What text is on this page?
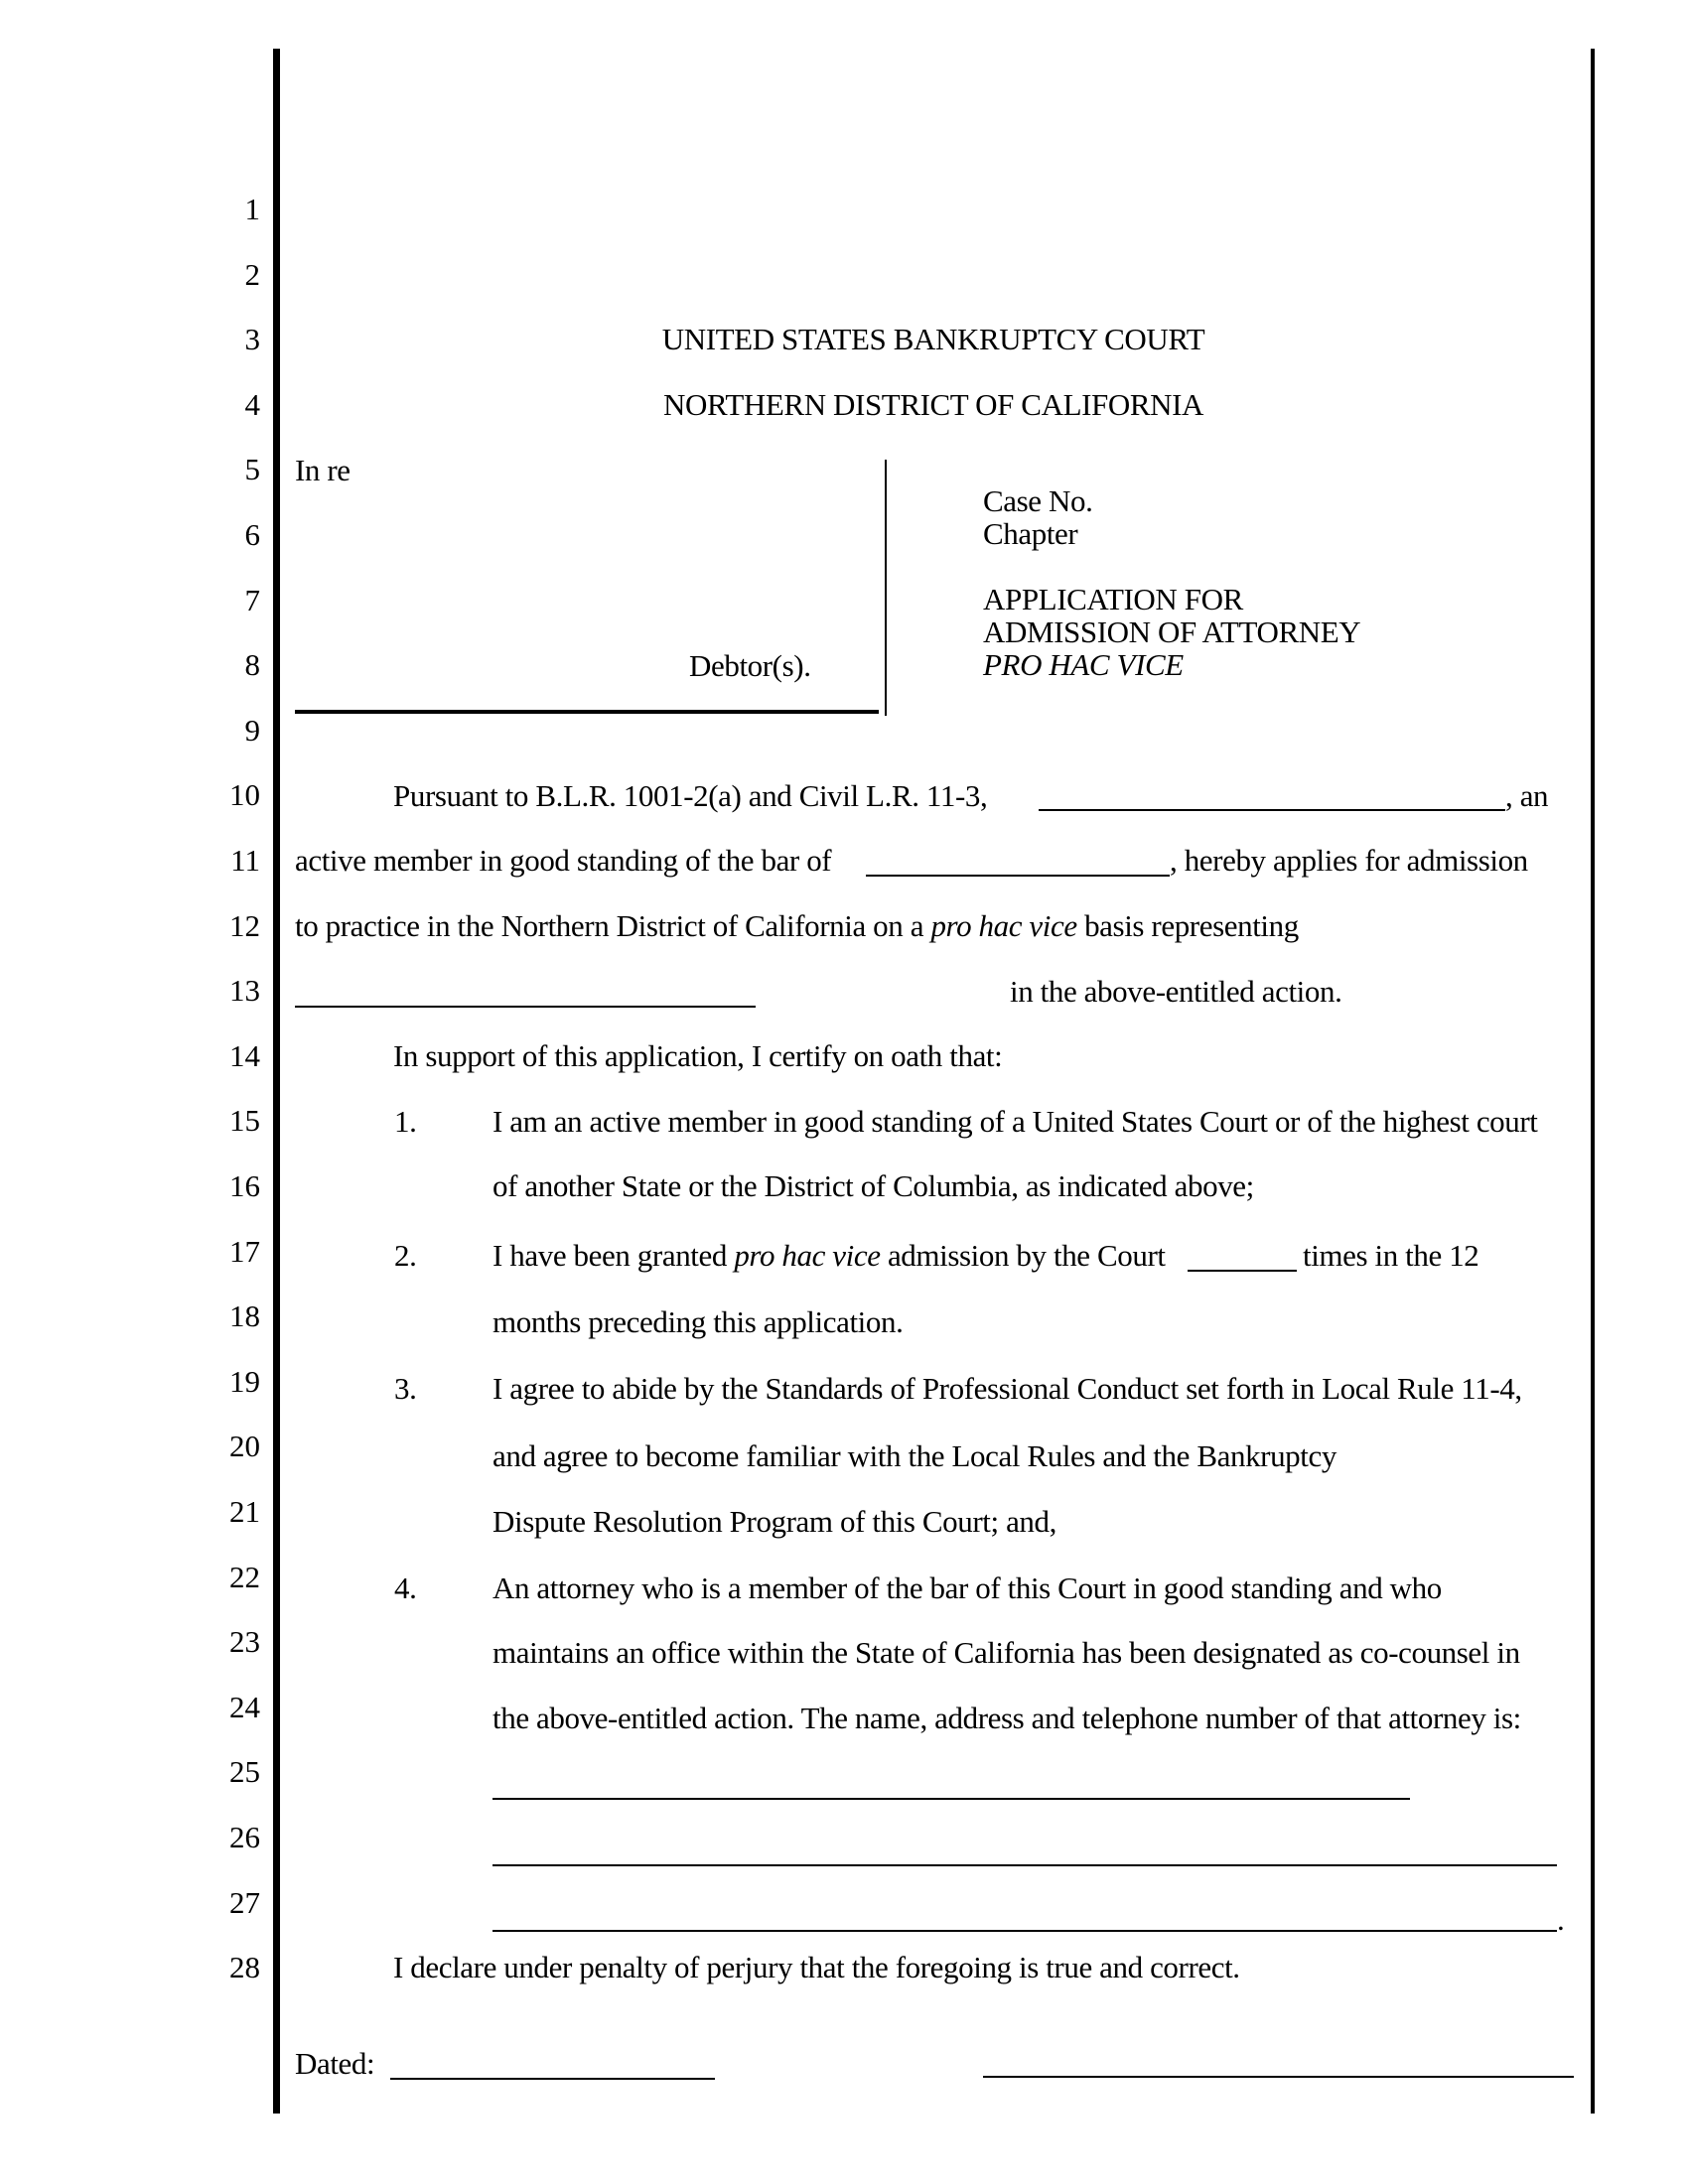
1
2
3
4
5
6
7
8
9
10
11
12
13
14
15
16
17
18
19
20
21
22
23
24
25
26
27
28
UNITED STATES BANKRUPTCY COURT
NORTHERN DISTRICT OF CALIFORNIA
In re
Debtor(s).
Case No.
Chapter
APPLICATION FOR
ADMISSION OF ATTORNEY
PRO HAC VICE
Pursuant to B.L.R. 1001-2(a) and Civil L.R. 11-3,	, an
active member in good standing of the bar of	, hereby applies for admission
to practice in the Northern District of California on a pro hac vice basis representing
in the above-entitled action.
In support of this application, I certify on oath that:
1. I am an active member in good standing of a United States Court or of the highest court
of another State or the District of Columbia, as indicated above;
2. I have been granted pro hac vice admission by the Court	times in the 12
months preceding this application.
3. I agree to abide by the Standards of Professional Conduct set forth in Local Rule 11-4,
and agree to become familiar with the Local Rules and the Bankruptcy
Dispute Resolution Program of this Court; and,
4. An attorney who is a member of the bar of this Court in good standing and who
maintains an office within the State of California has been designated as co-counsel in
the above-entitled action. The name, address and telephone number of that attorney is:
.
I declare under penalty of perjury that the foregoing is true and correct.
Dated:
